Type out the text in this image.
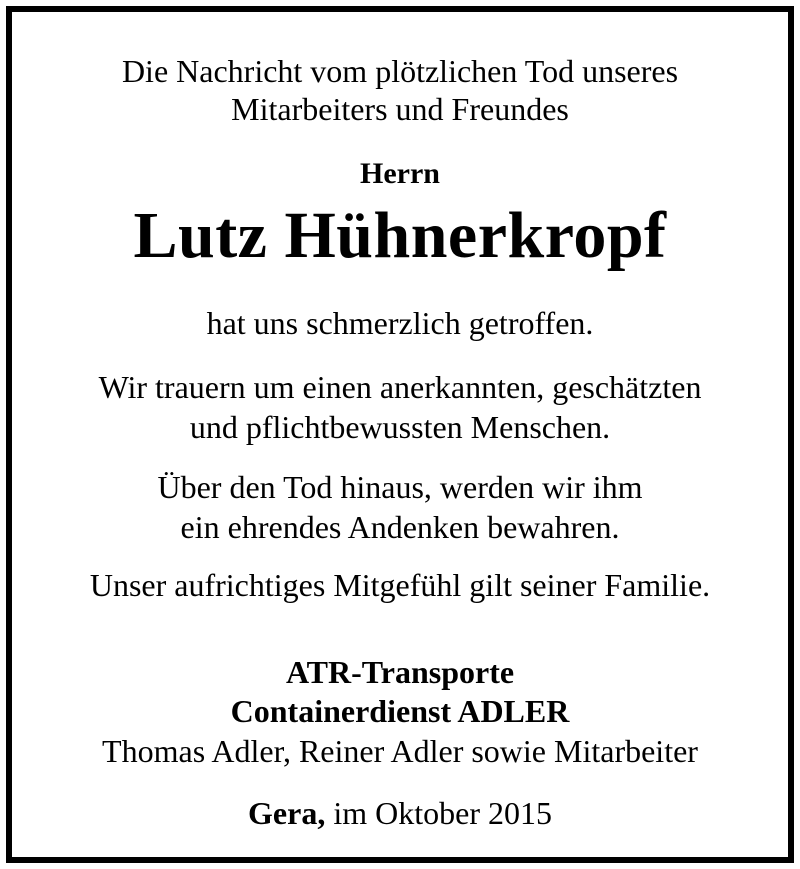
Die Nachricht vom plötzlichen Tod unseres
Mitarbeiters und Freundes
Herrn
Lutz Hühnerkropf
hat uns schmerzlich getroffen.
Wir trauern um einen anerkannten, geschätzten
und pflichtbewussten Menschen.
Über den Tod hinaus, werden wir ihm
ein ehrendes Andenken bewahren.
Unser aufrichtiges Mitgefühl gilt seiner Familie.
ATR-Transporte
Containerdienst ADLER
Thomas Adler, Reiner Adler sowie Mitarbeiter
Gera, im Oktober 2015
